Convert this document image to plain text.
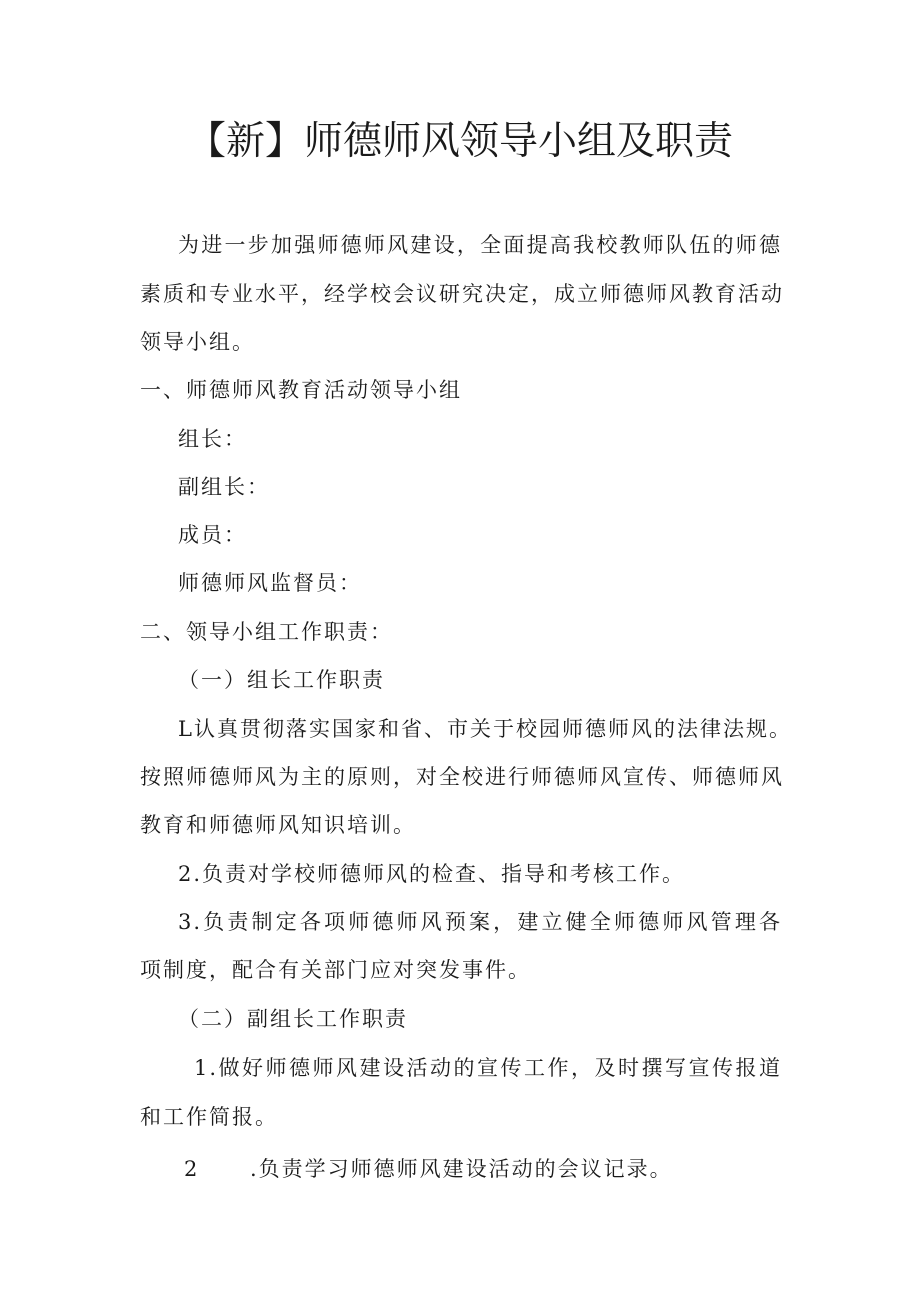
【新】师德师风领导小组及职责

为进一步加强师德师风建设，全面提高我校教师队伍的师德

素质和专业水平，经学校会议研究决定，成立师德师风教育活动

领导小组。

一、师德师风教育活动领导小组

组长：

副组长：

成员：

师德师风监督员：

二、领导小组工作职责：

（一）组长工作职责

L认真贯彻落实国家和省、市关于校园师德师风的法律法规。

按照师德师风为主的原则，对全校进行师德师风宣传、师德师风

教育和师德师风知识培训。

2.负责对学校师德师风的检查、指导和考核工作。

3.负责制定各项师德师风预案，建立健全师德师风管理各

项制度，配合有关部门应对突发事件。

（二）副组长工作职责

1.做好师德师风建设活动的宣传工作，及时撰写宣传报道

和工作简报。

2 .负责学习师德师风建设活动的会议记录。
